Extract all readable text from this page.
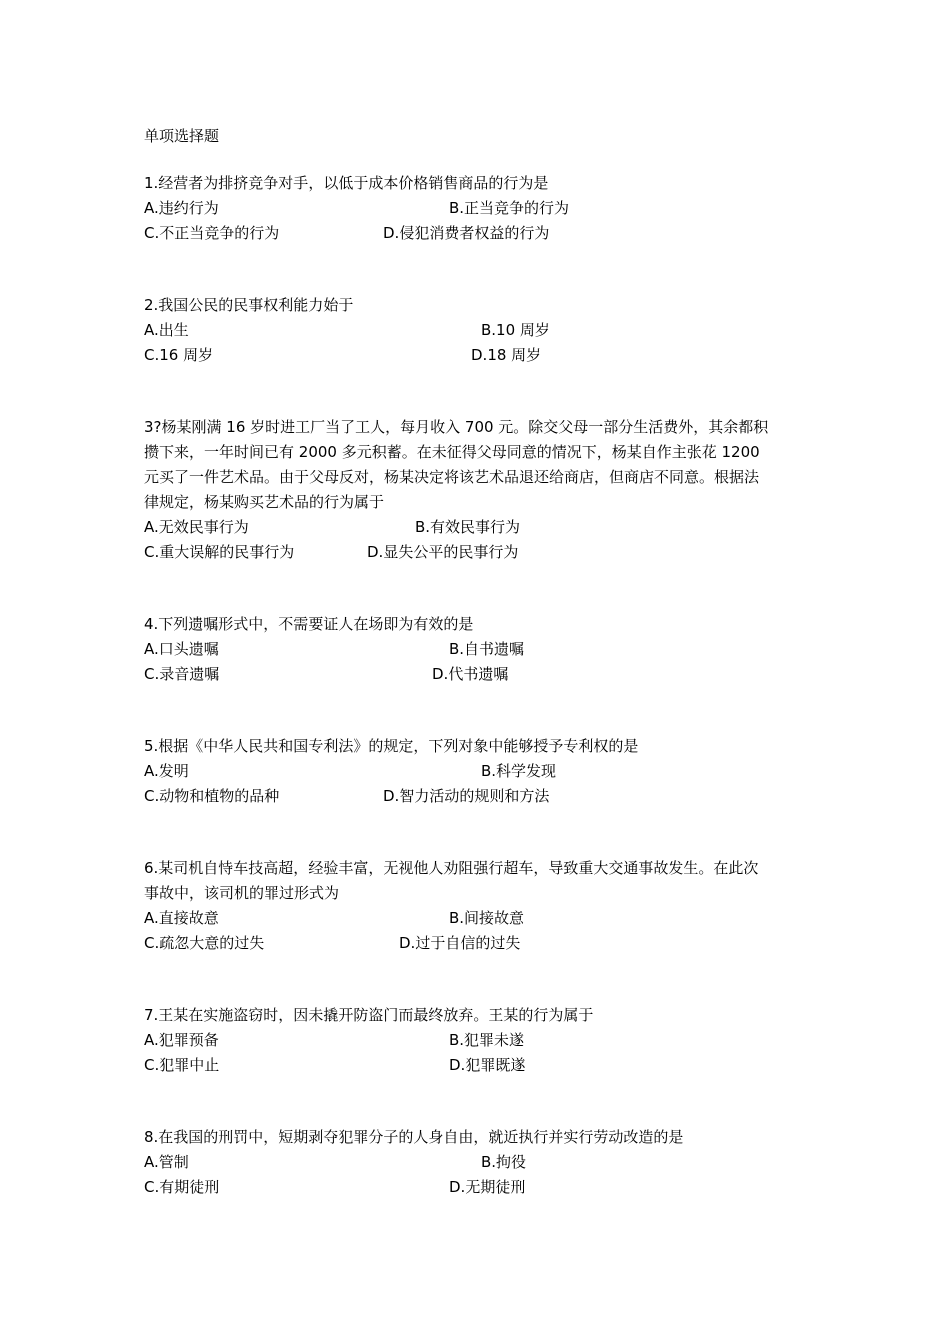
单项选择题
1.经营者为排挤竞争对手，以低于成本价格销售商品的行为是
A.违约行为	B.正当竞争的行为
C.不正当竞争的行为	D.侵犯消费者权益的行为
2.我国公民的民事权利能力始于
A.出生	B.10 周岁
C.16 周岁	D.18 周岁
3?杨某刚满 16 岁时进工厂当了工人，每月收入 700 元。除交父母一部分生活费外，其余都积
攒下来，一年时间已有 2000 多元积蓄。在未征得父母同意的情况下，杨某自作主张花 1200
元买了一件艺术品。由于父母反对，杨某决定将该艺术品退还给商店，但商店不同意。根据法
律规定，杨某购买艺术品的行为属于
A.无效民事行为	B.有效民事行为
C.重大误解的民事行为	D.显失公平的民事行为
4.下列遗嘱形式中，不需要证人在场即为有效的是
A.口头遗嘱	B.自书遗嘱
C.录音遗嘱	D.代书遗嘱
5.根据《中华人民共和国专利法》的规定，下列对象中能够授予专利权的是
A.发明	B.科学发现
C.动物和植物的品种	D.智力活动的规则和方法
6.某司机自恃车技高超，经验丰富，无视他人劝阻强行超车，导致重大交通事故发生。在此次
事故中，该司机的罪过形式为
A.直接故意	B.间接故意
C.疏忽大意的过失	D.过于自信的过失
7.王某在实施盗窃时，因未撬开防盗门而最终放弃。王某的行为属于
A.犯罪预备	B.犯罪未遂
C.犯罪中止	D.犯罪既遂
8.在我国的刑罚中，短期剥夺犯罪分子的人身自由，就近执行并实行劳动改造的是
A.管制	B.拘役
C.有期徒刑	D.无期徒刑
